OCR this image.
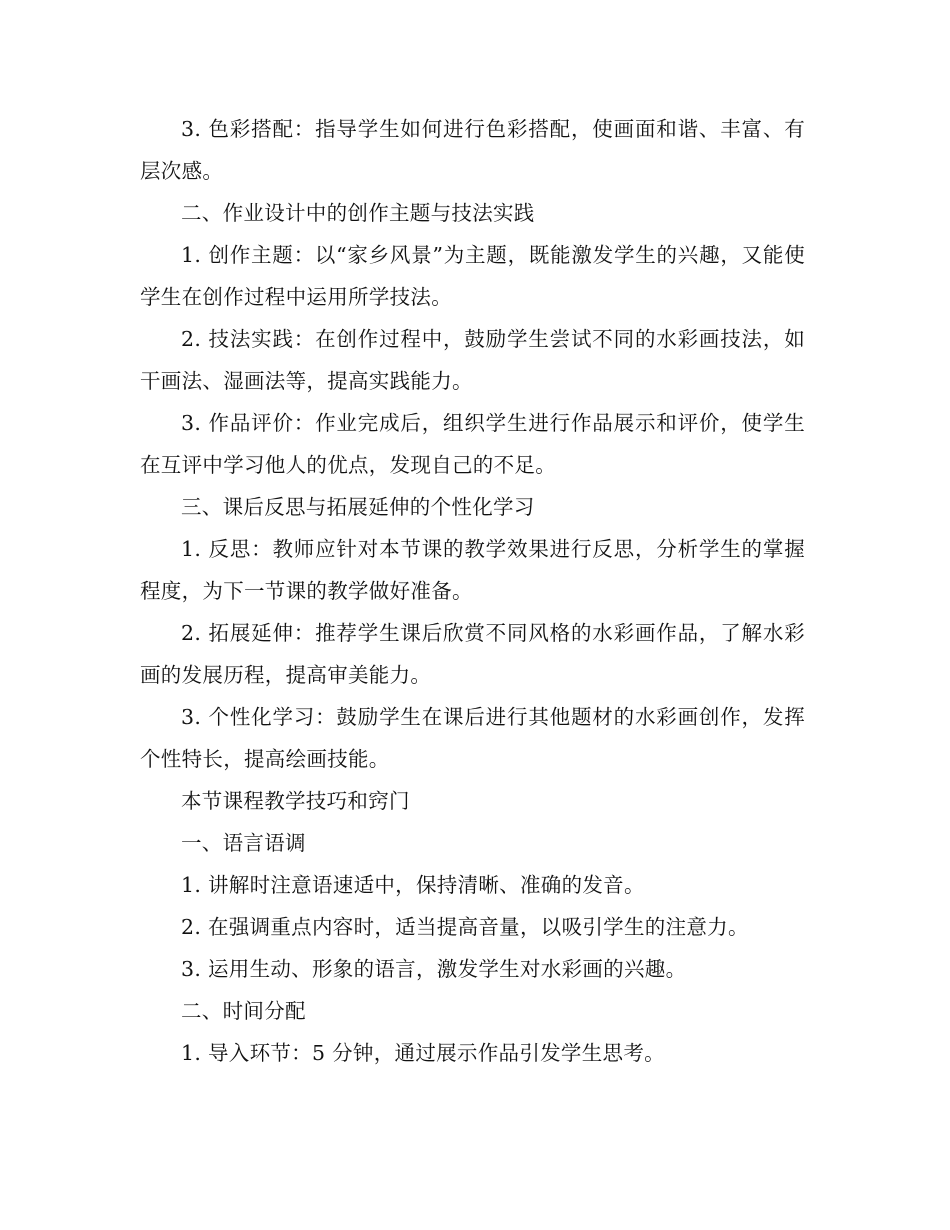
3. 色彩搭配：指导学生如何进行色彩搭配，使画面和谐、丰富、有层次感。

二、作业设计中的创作主题与技法实践

1. 创作主题：以“家乡风景”为主题，既能激发学生的兴趣，又能使学生在创作过程中运用所学技法。

2. 技法实践：在创作过程中，鼓励学生尝试不同的水彩画技法，如干画法、湿画法等，提高实践能力。

3. 作品评价：作业完成后，组织学生进行作品展示和评价，使学生在互评中学习他人的优点，发现自己的不足。

三、课后反思与拓展延伸的个性化学习

1. 反思：教师应针对本节课的教学效果进行反思，分析学生的掌握程度，为下一节课的教学做好准备。

2. 拓展延伸：推荐学生课后欣赏不同风格的水彩画作品，了解水彩画的发展历程，提高审美能力。

3. 个性化学习：鼓励学生在课后进行其他题材的水彩画创作，发挥个性特长，提高绘画技能。

本节课程教学技巧和窍门

一、语言语调

1. 讲解时注意语速适中，保持清晰、准确的发音。

2. 在强调重点内容时，适当提高音量，以吸引学生的注意力。

3. 运用生动、形象的语言，激发学生对水彩画的兴趣。

二、时间分配

1. 导入环节：5 分钟，通过展示作品引发学生思考。
